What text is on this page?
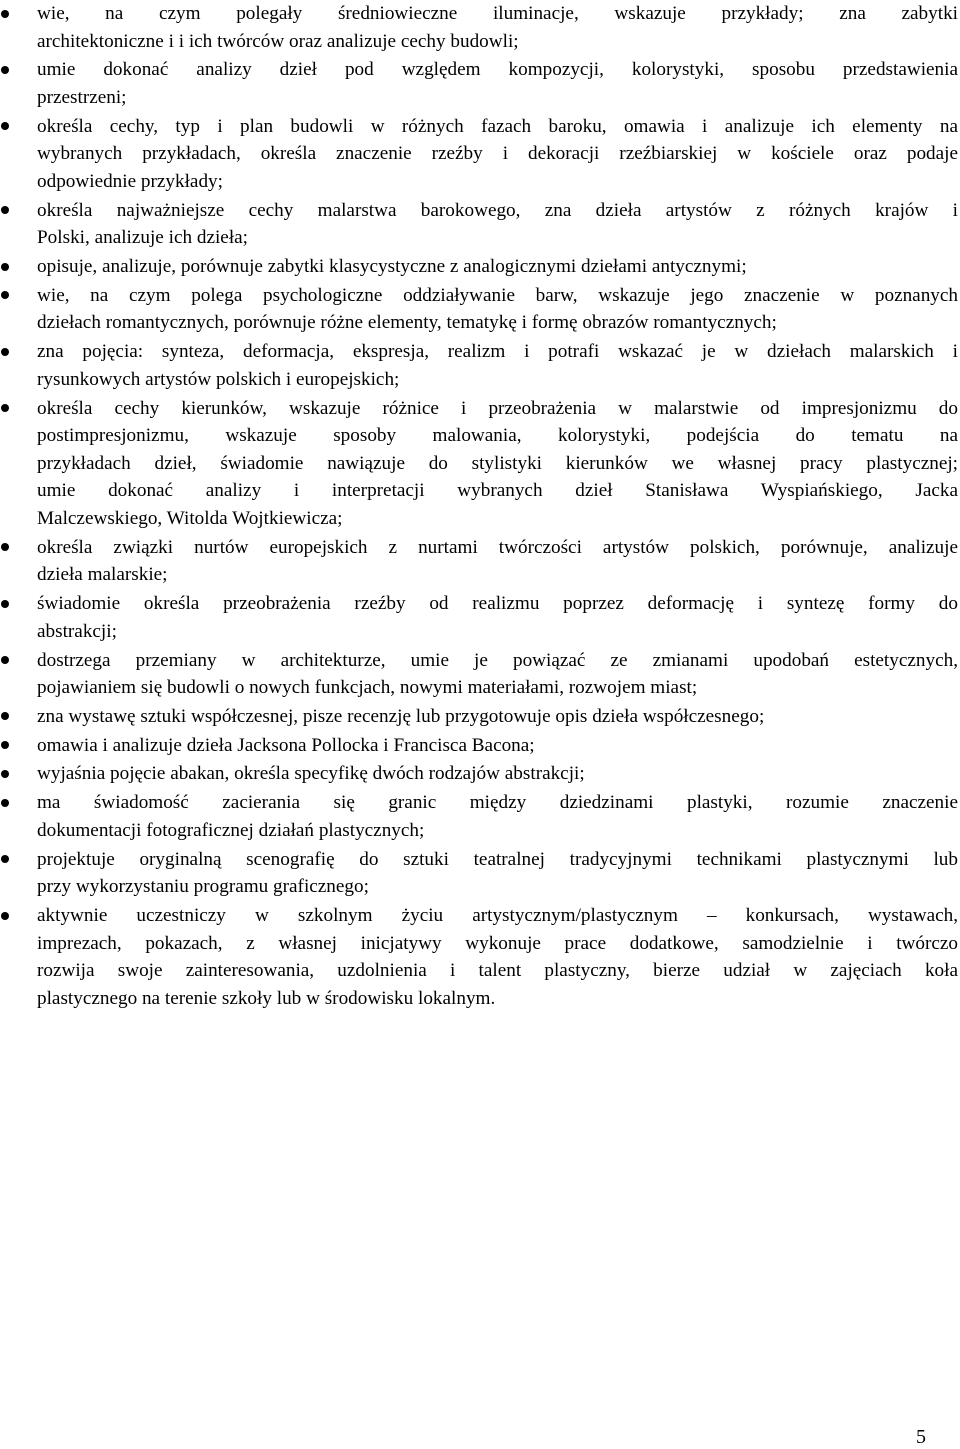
wie, na czym polegały średniowieczne iluminacje, wskazuje przykłady; zna zabytki
architektoniczne i i ich twórców oraz analizuje cechy budowli;
umie dokonać analizy dzieł pod względem kompozycji, kolorystyki, sposobu przedstawienia
przestrzeni;
określa cechy, typ i plan budowli w różnych fazach baroku, omawia i analizuje ich elementy na
wybranych przykładach, określa znaczenie rzeźby i dekoracji rzeźbiarskiej w kościele oraz podaje
odpowiednie przykłady;
określa najważniejsze cechy malarstwa barokowego, zna dzieła artystów z różnych krajów i
Polski, analizuje ich dzieła;
opisuje, analizuje, porównuje zabytki klasycystyczne z analogicznymi dziełami antycznymi;
wie, na czym polega psychologiczne oddziaływanie barw, wskazuje jego znaczenie w poznanych
dziełach romantycznych, porównuje różne elementy, tematykę i formę obrazów romantycznych;
zna pojęcia: synteza, deformacja, ekspresja, realizm i potrafi wskazać je w dziełach malarskich i
rysunkowych artystów polskich i europejskich;
określa cechy kierunków, wskazuje różnice i przeobrażenia w malarstwie od impresjonizmu do
postimpresjonizmu, wskazuje sposoby malowania, kolorystyki, podejścia do tematu na
przykładach dzieł, świadomie nawiązuje do stylistyki kierunków we własnej pracy plastycznej;
umie dokonać analizy i interpretacji wybranych dzieł Stanisława Wyspiańskiego, Jacka
Malczewskiego, Witolda Wojtkiewicza;
określa związki nurtów europejskich z nurtami twórczości artystów polskich, porównuje, analizuje
dzieła malarskie;
świadomie określa przeobrażenia rzeźby od realizmu poprzez deformację i syntezę formy do
abstrakcji;
dostrzega przemiany w architekturze, umie je powiązać ze zmianami upodobań estetycznych,
pojawianiem się budowli o nowych funkcjach, nowymi materiałami, rozwojem miast;
zna wystawę sztuki współczesnej, pisze recenzję lub przygotowuje opis dzieła współczesnego;
omawia i analizuje dzieła Jacksona Pollocka i Francisca Bacona;
wyjaśnia pojęcie abakan, określa specyfikę dwóch rodzajów abstrakcji;
ma świadomość zacierania się granic między dziedzinami plastyki, rozumie znaczenie
dokumentacji fotograficznej działań plastycznych;
projektuje oryginalną scenografię do sztuki teatralnej tradycyjnymi technikami plastycznymi lub
przy wykorzystaniu programu graficznego;
aktywnie uczestniczy w szkolnym życiu artystycznym/plastycznym – konkursach, wystawach,
imprezach, pokazach, z własnej inicjatywy wykonuje prace dodatkowe, samodzielnie i twórczo
rozwija swoje zainteresowania, uzdolnienia i talent plastyczny, bierze udział w zajęciach koła
plastycznego na terenie szkoły lub w środowisku lokalnym.
5
